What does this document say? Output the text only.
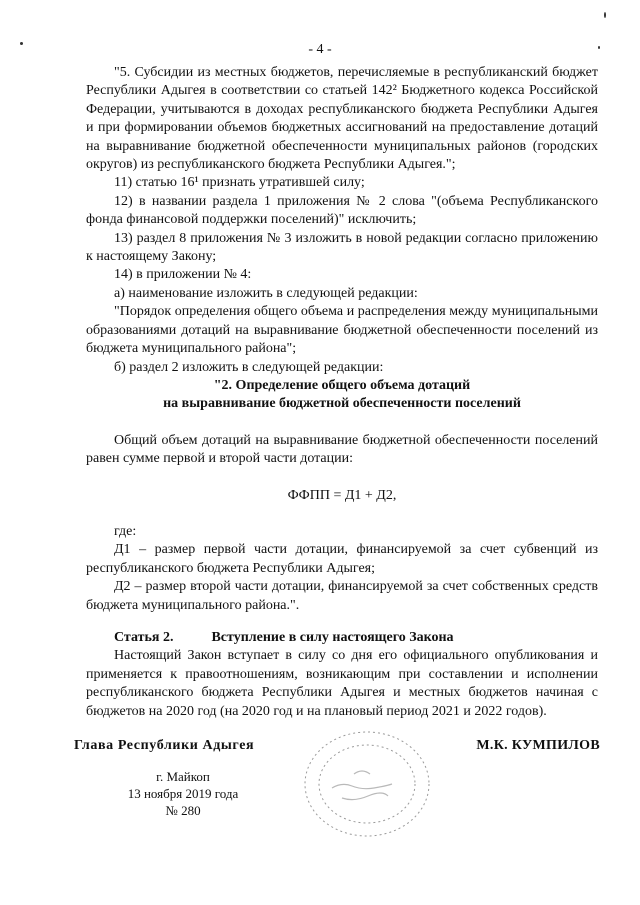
- 4 -

"5. Субсидии из местных бюджетов, перечисляемые в республиканский бюджет Республики Адыгея в соответствии со статьей 142² Бюджетного кодекса Российской Федерации, учитываются в доходах республиканского бюджета Республики Адыгея и при формировании объемов бюджетных ассигнований на предоставление дотаций на выравнивание бюджетной обеспеченности муниципальных районов (городских округов) из республиканского бюджета Республики Адыгея.";

11) статью 16¹ признать утратившей силу;

12) в названии раздела 1 приложения № 2 слова "(объема Республиканского фонда финансовой поддержки поселений)" исключить;

13) раздел 8 приложения № 3 изложить в новой редакции согласно приложению к настоящему Закону;

14) в приложении № 4:

а) наименование изложить в следующей редакции:

"Порядок определения общего объема и распределения между муниципальными образованиями дотаций на выравнивание бюджетной обеспеченности поселений из бюджета муниципального района";

б) раздел 2 изложить в следующей редакции:

"2. Определение общего объема дотаций

на выравнивание бюджетной обеспеченности поселений

Общий объем дотаций на выравнивание бюджетной обеспеченности поселений равен сумме первой и второй части дотации:

ФФПП = Д1 + Д2,

где:

Д1 – размер первой части дотации, финансируемой за счет субвенций из республиканского бюджета Республики Адыгея;

Д2 – размер второй части дотации, финансируемой за счет собственных средств бюджета муниципального района.".

Статья 2.	Вступление в силу настоящего Закона

Настоящий Закон вступает в силу со дня его официального опубликования и применяется к правоотношениям, возникающим при составлении и исполнении республиканского бюджета Республики Адыгея и местных бюджетов начиная с бюджетов на 2020 год (на 2020 год и на плановый период 2021 и 2022 годов).

Глава Республики Адыгея	М.К. КУМПИЛОВ
г. Майкоп
13 ноября 2019 года
№ 280
